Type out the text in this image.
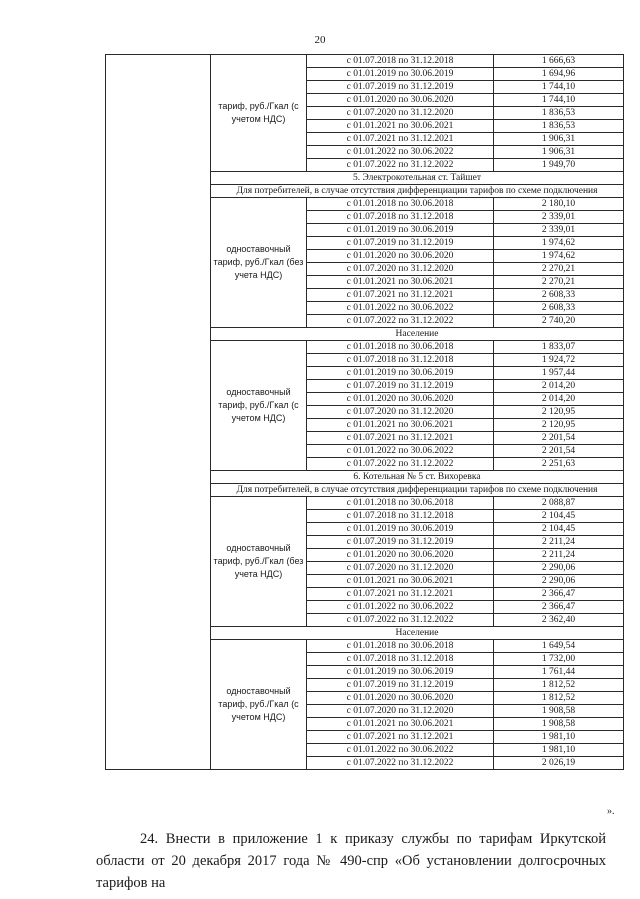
20
	тариф, руб./Гкал (с учетом НДС)	с 01.07.2018 по 31.12.2018	1 666,63
		с 01.01.2019 по 30.06.2019	1 694,96
		с 01.07.2019 по 31.12.2019	1 744,10
		с 01.01.2020 по 30.06.2020	1 744,10
		с 01.07.2020 по 31.12.2020	1 836,53
		с 01.01.2021 по 30.06.2021	1 836,53
		с 01.07.2021 по 31.12.2021	1 906,31
		с 01.01.2022 по 30.06.2022	1 906,31
		с 01.07.2022 по 31.12.2022	1 949,70
	5. Электрокотельная ст. Тайшет		
	Для потребителей, в случае отсутствия дифференциации тарифов по схеме подключения		
	одноставочный тариф, руб./Гкал (без учета НДС)	с 01.01.2018 по 30.06.2018	2 180,10
		с 01.07.2018 по 31.12.2018	2 339,01
		с 01.01.2019 по 30.06.2019	2 339,01
		с 01.07.2019 по 31.12.2019	1 974,62
		с 01.01.2020 по 30.06.2020	1 974,62
		с 01.07.2020 по 31.12.2020	2 270,21
		с 01.01.2021 по 30.06.2021	2 270,21
		с 01.07.2021 по 31.12.2021	2 608,33
		с 01.01.2022 по 30.06.2022	2 608,33
		с 01.07.2022 по 31.12.2022	2 740,20
	Население		
	одноставочный тариф, руб./Гкал (с учетом НДС)	с 01.01.2018 по 30.06.2018	1 833,07
		с 01.07.2018 по 31.12.2018	1 924,72
		с 01.01.2019 по 30.06.2019	1 957,44
		с 01.07.2019 по 31.12.2019	2 014,20
		с 01.01.2020 по 30.06.2020	2 014,20
		с 01.07.2020 по 31.12.2020	2 120,95
		с 01.01.2021 по 30.06.2021	2 120,95
		с 01.07.2021 по 31.12.2021	2 201,54
		с 01.01.2022 по 30.06.2022	2 201,54
		с 01.07.2022 по 31.12.2022	2 251,63
	6. Котельная № 5 ст. Вихоревка		
	Для потребителей, в случае отсутствия дифференциации тарифов по схеме подключения		
	одноставочный тариф, руб./Гкал (без учета НДС)	с 01.01.2018 по 30.06.2018	2 088,87
		с 01.07.2018 по 31.12.2018	2 104,45
		с 01.01.2019 по 30.06.2019	2 104,45
		с 01.07.2019 по 31.12.2019	2 211,24
		с 01.01.2020 по 30.06.2020	2 211,24
		с 01.07.2020 по 31.12.2020	2 290,06
		с 01.01.2021 по 30.06.2021	2 290,06
		с 01.07.2021 по 31.12.2021	2 366,47
		с 01.01.2022 по 30.06.2022	2 366,47
		с 01.07.2022 по 31.12.2022	2 362,40
	Население		
	одноставочный тариф, руб./Гкал (с учетом НДС)	с 01.01.2018 по 30.06.2018	1 649,54
		с 01.07.2018 по 31.12.2018	1 732,00
		с 01.01.2019 по 30.06.2019	1 761,44
		с 01.07.2019 по 31.12.2019	1 812,52
		с 01.01.2020 по 30.06.2020	1 812,52
		с 01.07.2020 по 31.12.2020	1 908,58
		с 01.01.2021 по 30.06.2021	1 908,58
		с 01.07.2021 по 31.12.2021	1 981,10
		с 01.01.2022 по 30.06.2022	1 981,10
		с 01.07.2022 по 31.12.2022	2 026,19
».
24. Внести в приложение 1 к приказу службы по тарифам Иркутской области от 20 декабря 2017 года № 490-спр «Об установлении долгосрочных тарифов на
